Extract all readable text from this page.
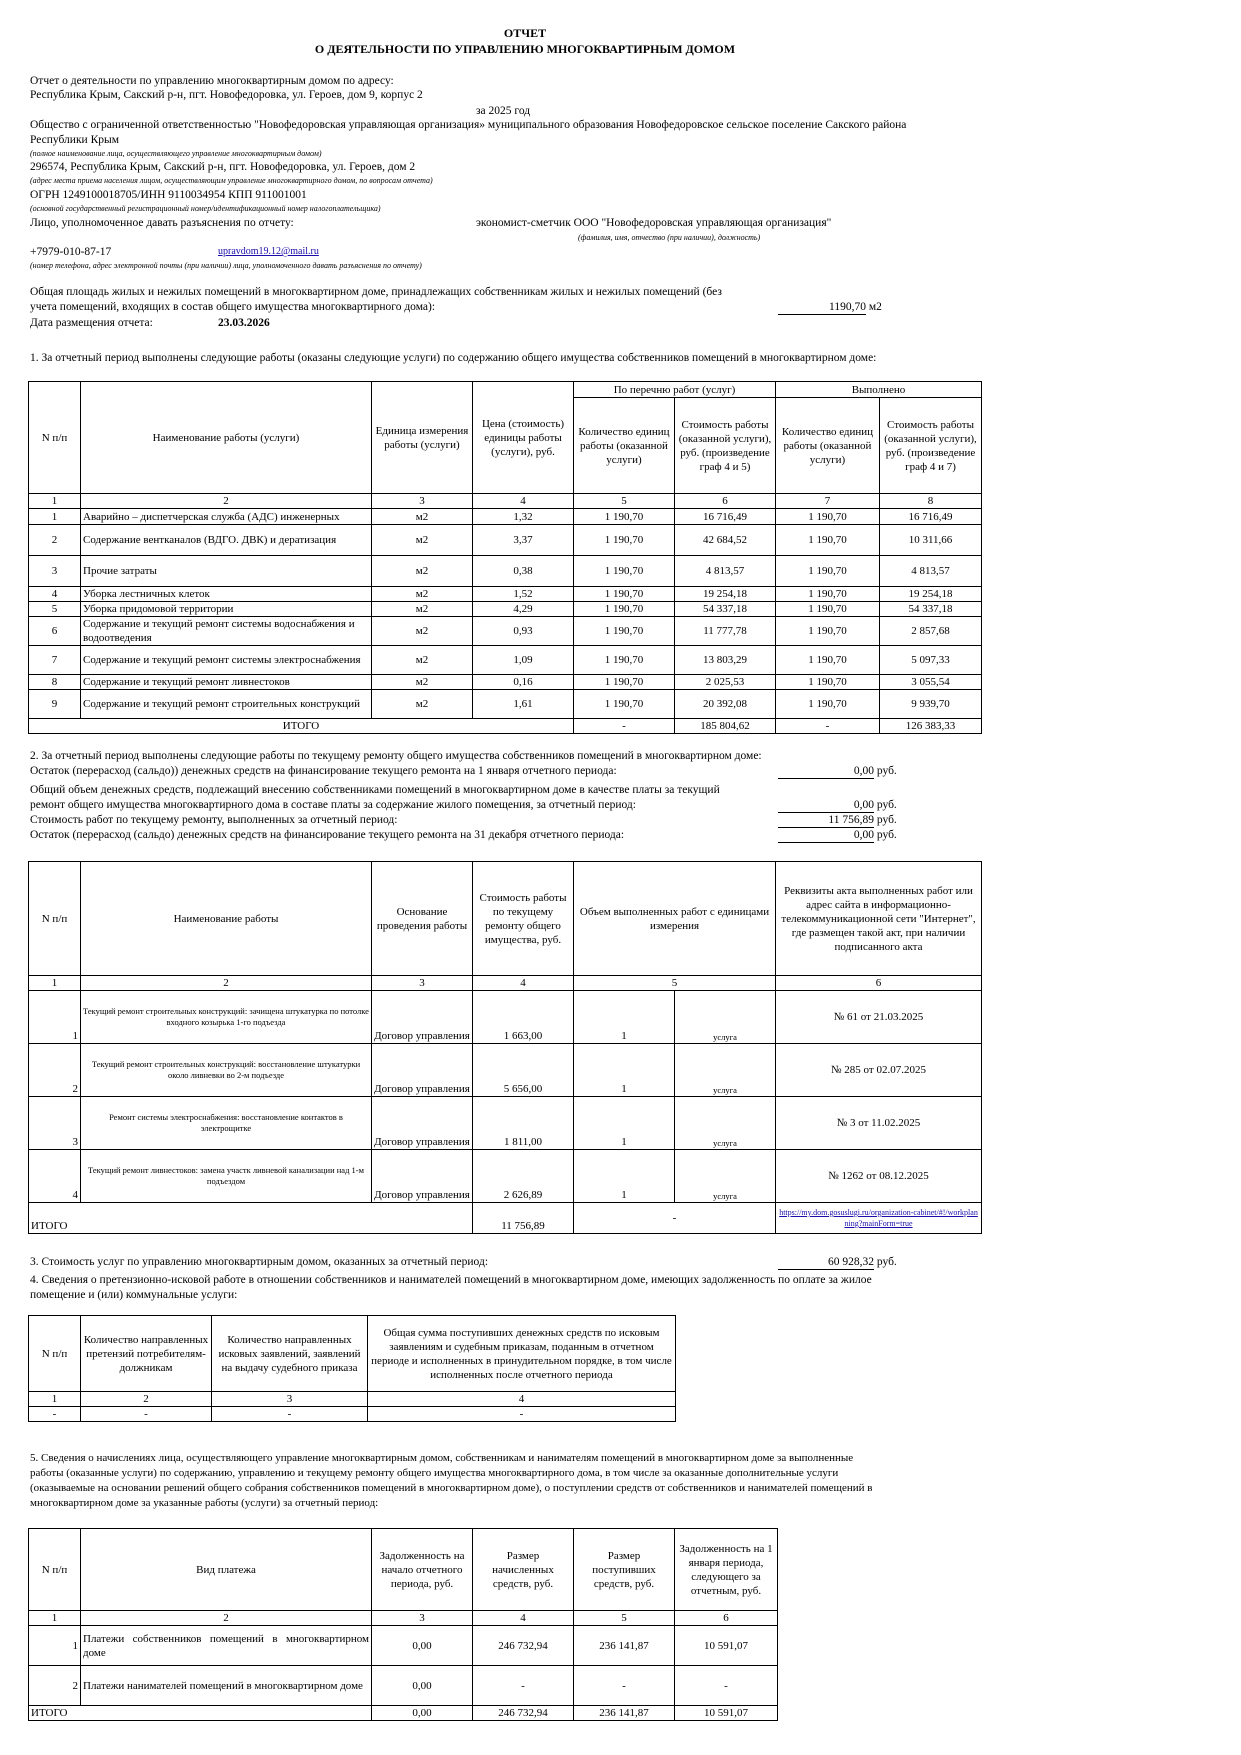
ОТЧЕТ
О ДЕЯТЕЛЬНОСТИ ПО УПРАВЛЕНИЮ МНОГОКВАРТИРНЫМ ДОМОМ
Отчет о деятельности по управлению многоквартирным домом по адресу:
Республика Крым, Сакский р-н, пгт. Новофедоровка, ул. Героев, дом 9, корпус 2
за 2025 год
Общество с ограниченной ответственностью "Новофедоровская управляющая организация» муниципального образования Новофедоровское сельское поселение Сакского района
Республики Крым
(полное наименование лица, осуществляющего управление многоквартирным домом)
296574, Республика Крым, Сакский р-н, пгт. Новофедоровка, ул. Героев, дом 2
(адрес места приема населения лицом, осуществляющим управление многоквартирного домом, по вопросам отчета)
ОГРН 1249100018705/ИНН 9110034954 КПП 911001001
(основной государственный регистрационный номер/идентификационный номер налогоплательщика)
Лицо, уполномоченное давать разъяснения по отчету:	экономист-сметчик ООО "Новофедоровская управляющая организация"
(фамилия, имя, отчество (при наличии), должность)
+7979-010-87-17	upravdom19.12@mail.ru
(номер телефона, адрес электронной почты (при наличии) лица, уполномоченного давать разъяснения по отчету)
Общая площадь жилых и нежилых помещений в многоквартирном доме, принадлежащих собственникам жилых и нежилых помещений (без
учета помещений, входящих в состав общего имущества многоквартирного дома):	1190,70 м2
Дата размещения отчета:	23.03.2026
1. За отчетный период выполнены следующие работы (оказаны следующие услуги) по содержанию общего имущества собственников помещений в многоквартирном доме:
N п/п	Наименование работы (услуги)	Единица измерения работы (услуги)	Цена (стоимость) единицы работы (услуги), руб.	По перечню работ (услуг)		Выполнено	
				Количество единиц работы (оказанной услуги)	Стоимость работы (оказанной услуги), руб. (произведение граф 4 и 5)	Количество единиц работы (оказанной услуги)	Стоимость работы (оказанной услуги), руб. (произведение граф 4 и 7)
1	2	3	4	5	6	7	8
1	Аварийно – диспетчерская служба (АДС) инженерных	м2	1,32	1 190,70	16 716,49	1 190,70	16 716,49
2	Содержание вентканалов (ВДГО. ДВК) и дератизация	м2	3,37	1 190,70	42 684,52	1 190,70	10 311,66
3	Прочие затраты	м2	0,38	1 190,70	4 813,57	1 190,70	4 813,57
4	Уборка лестничных клеток	м2	1,52	1 190,70	19 254,18	1 190,70	19 254,18
5	Уборка придомовой территории	м2	4,29	1 190,70	54 337,18	1 190,70	54 337,18
6	Содержание и текущий ремонт системы водоснабжения и водоотведения	м2	0,93	1 190,70	11 777,78	1 190,70	2 857,68
7	Содержание и текущий ремонт системы электроснабжения	м2	1,09	1 190,70	13 803,29	1 190,70	5 097,33
8	Содержание и текущий ремонт ливнестоков	м2	0,16	1 190,70	2 025,53	1 190,70	3 055,54
9	Содержание и текущий ремонт строительных конструкций	м2	1,61	1 190,70	20 392,08	1 190,70	9 939,70
ИТОГО				-	185 804,62	-	126 383,33
2. За отчетный период выполнены следующие работы по текущему ремонту общего имущества собственников помещений в многоквартирном доме:
Остаток (перерасход (сальдо)) денежных средств на финансирование текущего ремонта на 1 января отчетного периода:	0,00 руб.
Общий объем денежных средств, подлежащий внесению собственниками помещений в многоквартирном доме в качестве платы за текущий
ремонт общего имущества многоквартирного дома в составе платы за содержание жилого помещения, за отчетный период:	0,00 руб.
Стоимость работ по текущему ремонту, выполненных за отчетный период:	11 756,89 руб.
Остаток (перерасход (сальдо) денежных средств на финансирование текущего ремонта на 31 декабря отчетного периода:	0,00 руб.
N п/п	Наименование работы	Основание проведения работы	Стоимость работы по текущему ремонту общего имущества, руб.	Объем выполненных работ с единицами измерения		Реквизиты акта выполненных работ или адрес сайта в информационно-телекоммуникационной сети "Интернет", где размещен такой акт, при наличии подписанного акта
1	2	3	4	5		6
1	Текущий ремонт строительных конструкций: зачищена штукатурка по потолке входного козырька 1-го подъезда	Договор управления	1 663,00	1	услуга	№ 61 от 21.03.2025
2	Текущий ремонт строительных конструкций: восстановление штукатурки около ливневки во 2-м подъезде	Договор управления	5 656,00	1	услуга	№ 285 от 02.07.2025
3	Ремонт системы электроснабжения: восстановление контактов в электрощитке	Договор управления	1 811,00	1	услуга	№ 3 от 11.02.2025
4	Текущий ремонт ливнестоков: замена участк ливневой канализации над 1-м подъездом	Договор управления	2 626,89	1	услуга	№ 1262 от 08.12.2025
ИТОГО			11 756,89	-		https://my.dom.gosuslugi.ru/organization-cabinet/#!/workplanning?mainForm=true
3. Стоимость услуг по управлению многоквартирным домом, оказанных за отчетный период:	60 928,32 руб.
4. Сведения о претензионно-исковой работе в отношении собственников и нанимателей помещений в многоквартирном доме, имеющих задолженность по оплате за жилое
помещение и (или) коммунальные услуги:
N п/п	Количество направленных претензий потребителям-должникам	Количество направленных исковых заявлений, заявлений на выдачу судебного приказа	Общая сумма поступивших денежных средств по исковым заявлениям и судебным приказам, поданным в отчетном периоде и исполненных в принудительном порядке, в том числе исполненных после отчетного периода
1	2	3	4
-	-	-	-
5. Сведения о начислениях лица, осуществляющего управление многоквартирным домом, собственникам и нанимателям помещений в многоквартирном доме за выполненные
работы (оказанные услуги) по содержанию, управлению и текущему ремонту общего имущества многоквартирного дома, в том числе за оказанные дополнительные услуги
(оказываемые на основании решений общего собрания собственников помещений в многоквартирном доме), о поступлении средств от собственников и нанимателей помещений в
многоквартирном доме за указанные работы (услуги) за отчетный период:
N п/п	Вид платежа	Задолженность на начало отчетного периода, руб.	Размер начисленных средств, руб.	Размер поступивших средств, руб.	Задолженность на 1 января периода, следующего за отчетным, руб.
1	2	3	4	5	6
1	Платежи собственников помещений в многоквартирном доме	0,00	246 732,94	236 141,87	10 591,07
2	Платежи нанимателей помещений в многоквартирном доме	0,00	-	-	-
ИТОГО		0,00	246 732,94	236 141,87	10 591,07
